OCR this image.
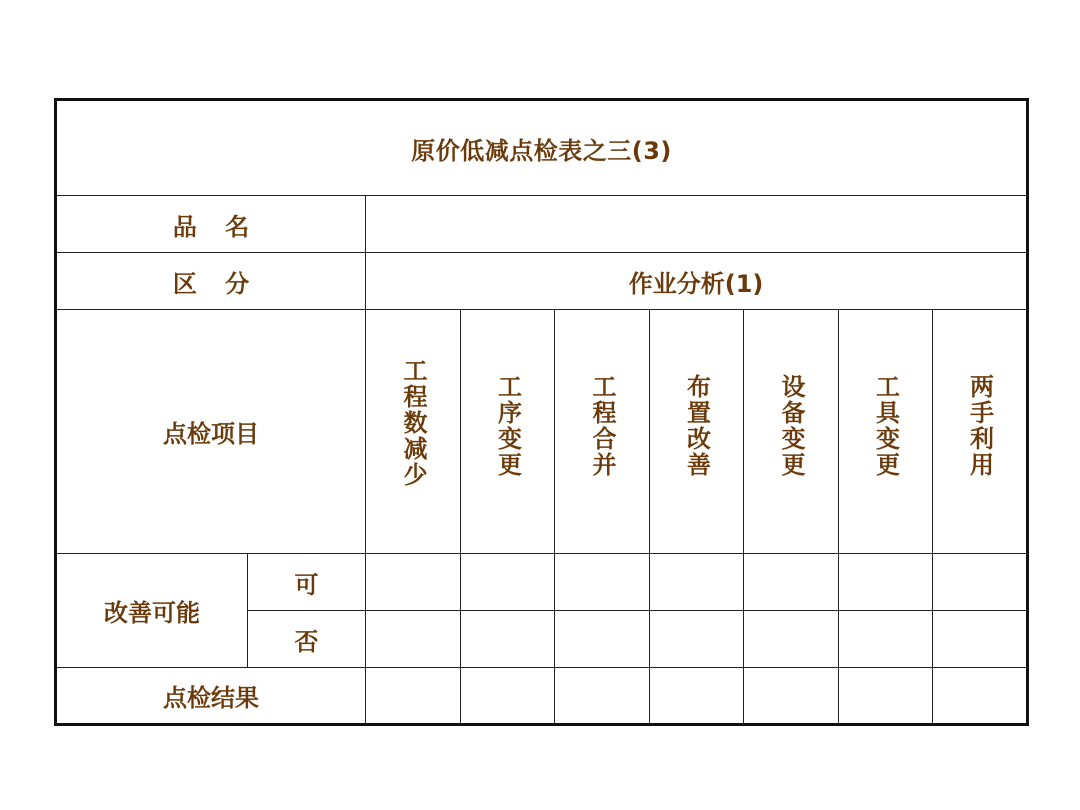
原价低减点检表之三(3)								
品 名								
区 分		作业分析(1)						
点检项目		工程数减少	工序变更	工程合并	布置改善	设备变更	工具变更	两手利用

改善可能	可							
	否							
点检结果								
